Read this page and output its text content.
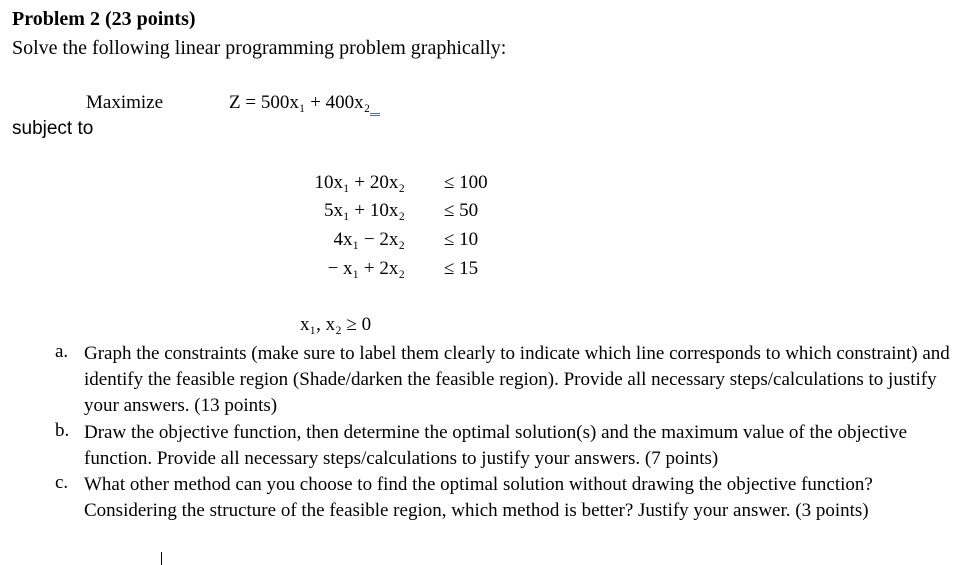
Problem 2 (23 points)
Solve the following linear programming problem graphically:
Maximize	Z = 500x₁ + 400x₂
subject to
10x₁ + 20x₂ ≤ 100
5x₁ + 10x₂ ≤ 50
4x₁ − 2x₂ ≤ 10
− x₁ + 2x₂ ≤ 15
x₁, x₂ ≥ 0
a. Graph the constraints (make sure to label them clearly to indicate which line corresponds to which constraint) and identify the feasible region (Shade/darken the feasible region). Provide all necessary steps/calculations to justify your answers. (13 points)
b. Draw the objective function, then determine the optimal solution(s) and the maximum value of the objective function. Provide all necessary steps/calculations to justify your answers. (7 points)
c. What other method can you choose to find the optimal solution without drawing the objective function? Considering the structure of the feasible region, which method is better? Justify your answer. (3 points)
